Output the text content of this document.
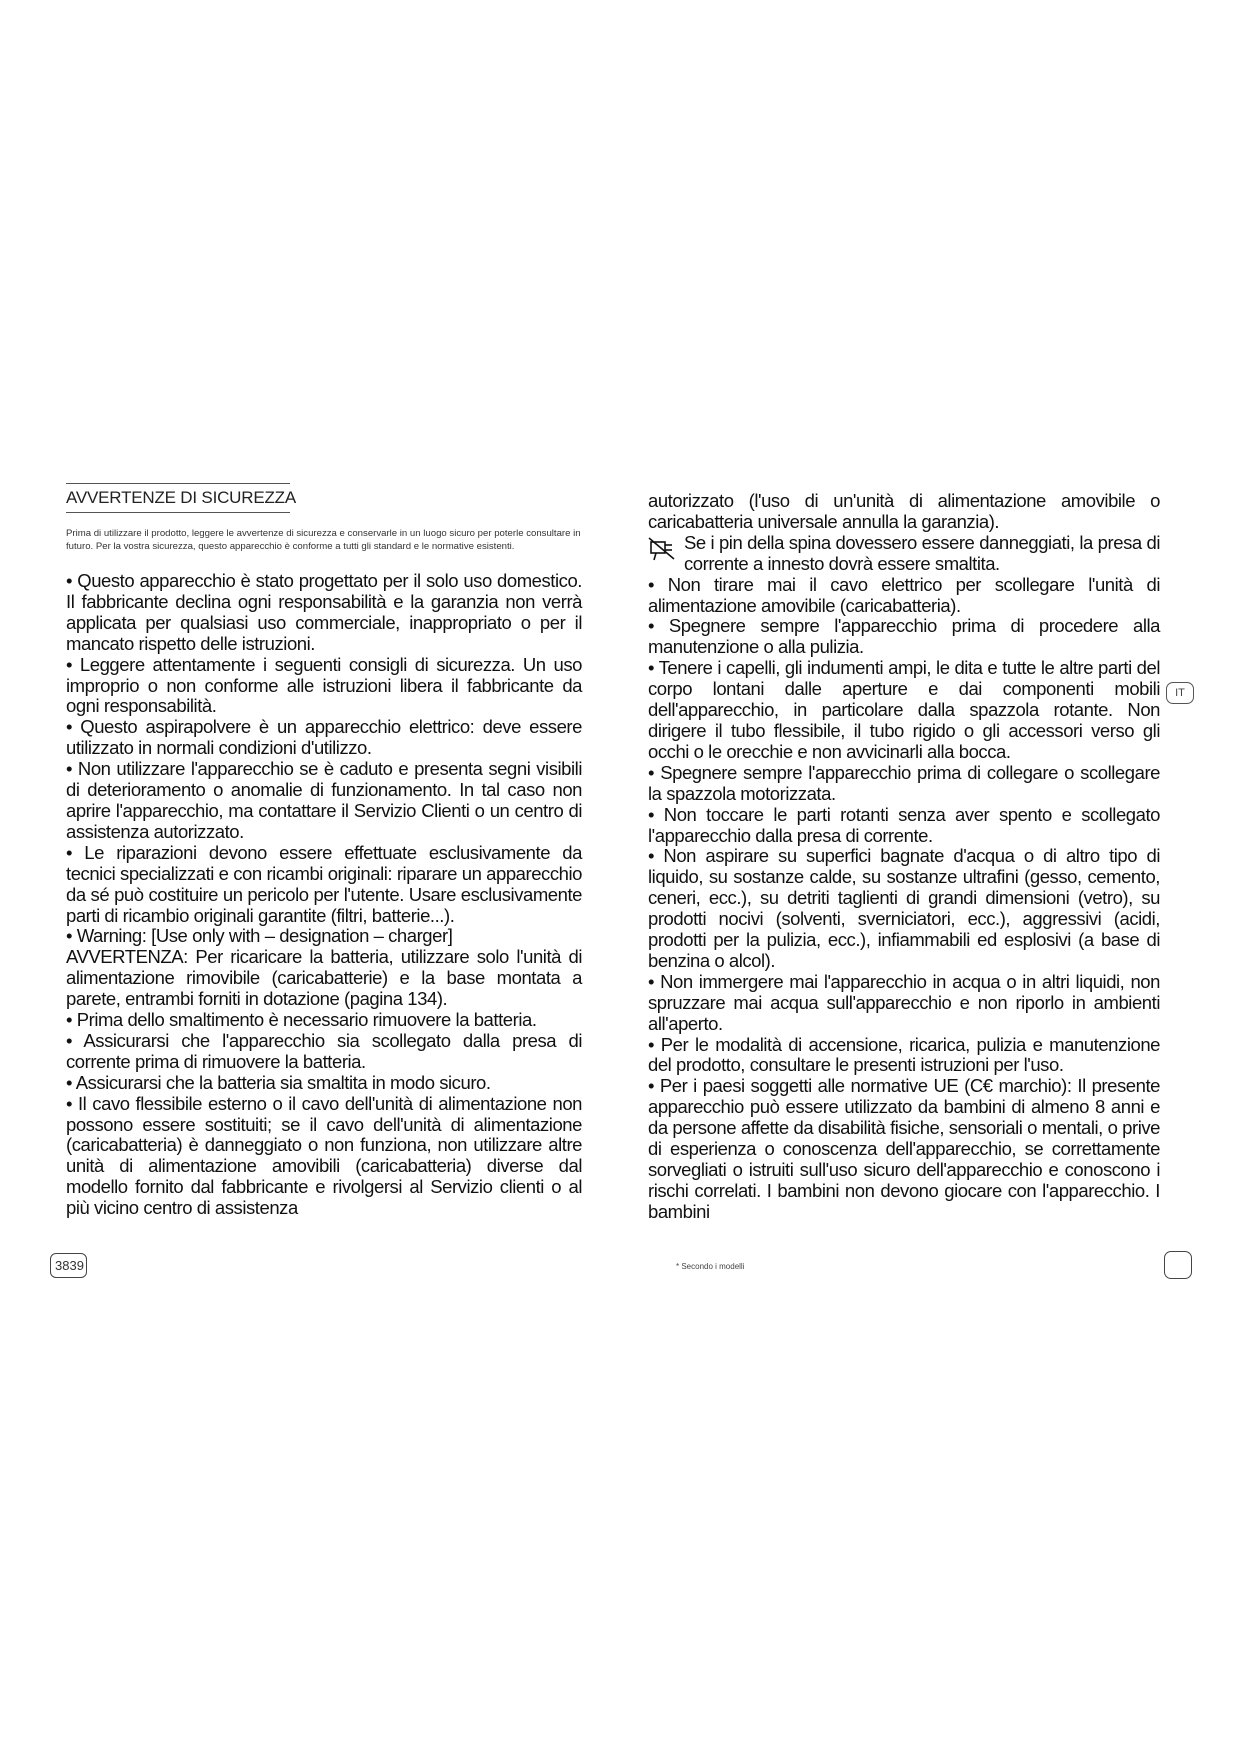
AVVERTENZE DI SICUREZZA

Prima di utilizzare il prodotto, leggere le avvertenze di sicurezza e conservarle in un luogo sicuro per poterle consultare in futuro. Per la vostra sicurezza, questo apparecchio è conforme a tutti gli standard e le normative esistenti.

• Questo apparecchio è stato progettato per il solo uso domestico. Il fabbricante declina ogni responsabilità e la garanzia non verrà applicata per qualsiasi uso commerciale, inappropriato o per il mancato rispetto delle istruzioni.

• Leggere attentamente i seguenti consigli di sicurezza. Un uso improprio o non conforme alle istruzioni libera il fabbricante da ogni responsabilità.

• Questo aspirapolvere è un apparecchio elettrico: deve essere utilizzato in normali condizioni d'utilizzo.

• Non utilizzare l'apparecchio se è caduto e presenta segni visibili di deterioramento o anomalie di funzionamento. In tal caso non aprire l'apparecchio, ma contattare il Servizio Clienti o un centro di assistenza autorizzato.

• Le riparazioni devono essere effettuate esclusivamente da tecnici specializzati e con ricambi originali: riparare un apparecchio da sé può costituire un pericolo per l'utente. Usare esclusivamente parti di ricambio originali garantite (filtri, batterie...).

• Warning: [Use only with – designation – charger]

AVVERTENZA: Per ricaricare la batteria, utilizzare solo l'unità di alimentazione rimovibile (caricabatterie) e la base montata a parete, entrambi forniti in dotazione (pagina 134).

• Prima dello smaltimento è necessario rimuovere la batteria.

• Assicurarsi che l'apparecchio sia scollegato dalla presa di corrente prima di rimuovere la batteria.

• Assicurarsi che la batteria sia smaltita in modo sicuro.

• Il cavo flessibile esterno o il cavo dell'unità di alimentazione non possono essere sostituiti; se il cavo dell'unità di alimentazione (caricabatteria) è danneggiato o non funziona, non utilizzare altre unità di alimentazione amovibili (caricabatteria) diverse dal modello fornito dal fabbricante e rivolgersi al Servizio clienti o al più vicino centro di assistenza

autorizzato (l'uso di un'unità di alimentazione amovibile o caricabatteria universale annulla la garanzia).

Se i pin della spina dovessero essere danneggiati, la presa di corrente a innesto dovrà essere smaltita.

• Non tirare mai il cavo elettrico per scollegare l'unità di alimentazione amovibile (caricabatteria).

• Spegnere sempre l'apparecchio prima di procedere alla manutenzione o alla pulizia.

• Tenere i capelli, gli indumenti ampi, le dita e tutte le altre parti del corpo lontani dalle aperture e dai componenti mobili dell'apparecchio, in particolare dalla spazzola rotante. Non dirigere il tubo flessibile, il tubo rigido o gli accessori verso gli occhi o le orecchie e non avvicinarli alla bocca.

• Spegnere sempre l'apparecchio prima di collegare o scollegare la spazzola motorizzata.

• Non toccare le parti rotanti senza aver spento e scollegato l'apparecchio dalla presa di corrente.

• Non aspirare su superfici bagnate d'acqua o di altro tipo di liquido, su sostanze calde, su sostanze ultrafini (gesso, cemento, ceneri, ecc.), su detriti taglienti di grandi dimensioni (vetro), su prodotti nocivi (solventi, sverniciatori, ecc.), aggressivi (acidi, prodotti per la pulizia, ecc.), infiammabili ed esplosivi (a base di benzina o alcol).

• Non immergere mai l'apparecchio in acqua o in altri liquidi, non spruzzare mai acqua sull'apparecchio e non riporlo in ambienti all'aperto.

• Per le modalità di accensione, ricarica, pulizia e manutenzione del prodotto, consultare le presenti istruzioni per l'uso.

• Per i paesi soggetti alle normative UE (C€ marchio): Il presente apparecchio può essere utilizzato da bambini di almeno 8 anni e da persone affette da disabilità fisiche, sensoriali o mentali, o prive di esperienza o conoscenza dell'apparecchio, se correttamente sorvegliati o istruiti sull'uso sicuro dell'apparecchio e conoscono i rischi correlati. I bambini non devono giocare con l'apparecchio. I bambini

IT
3839	* Secondo i modelli
